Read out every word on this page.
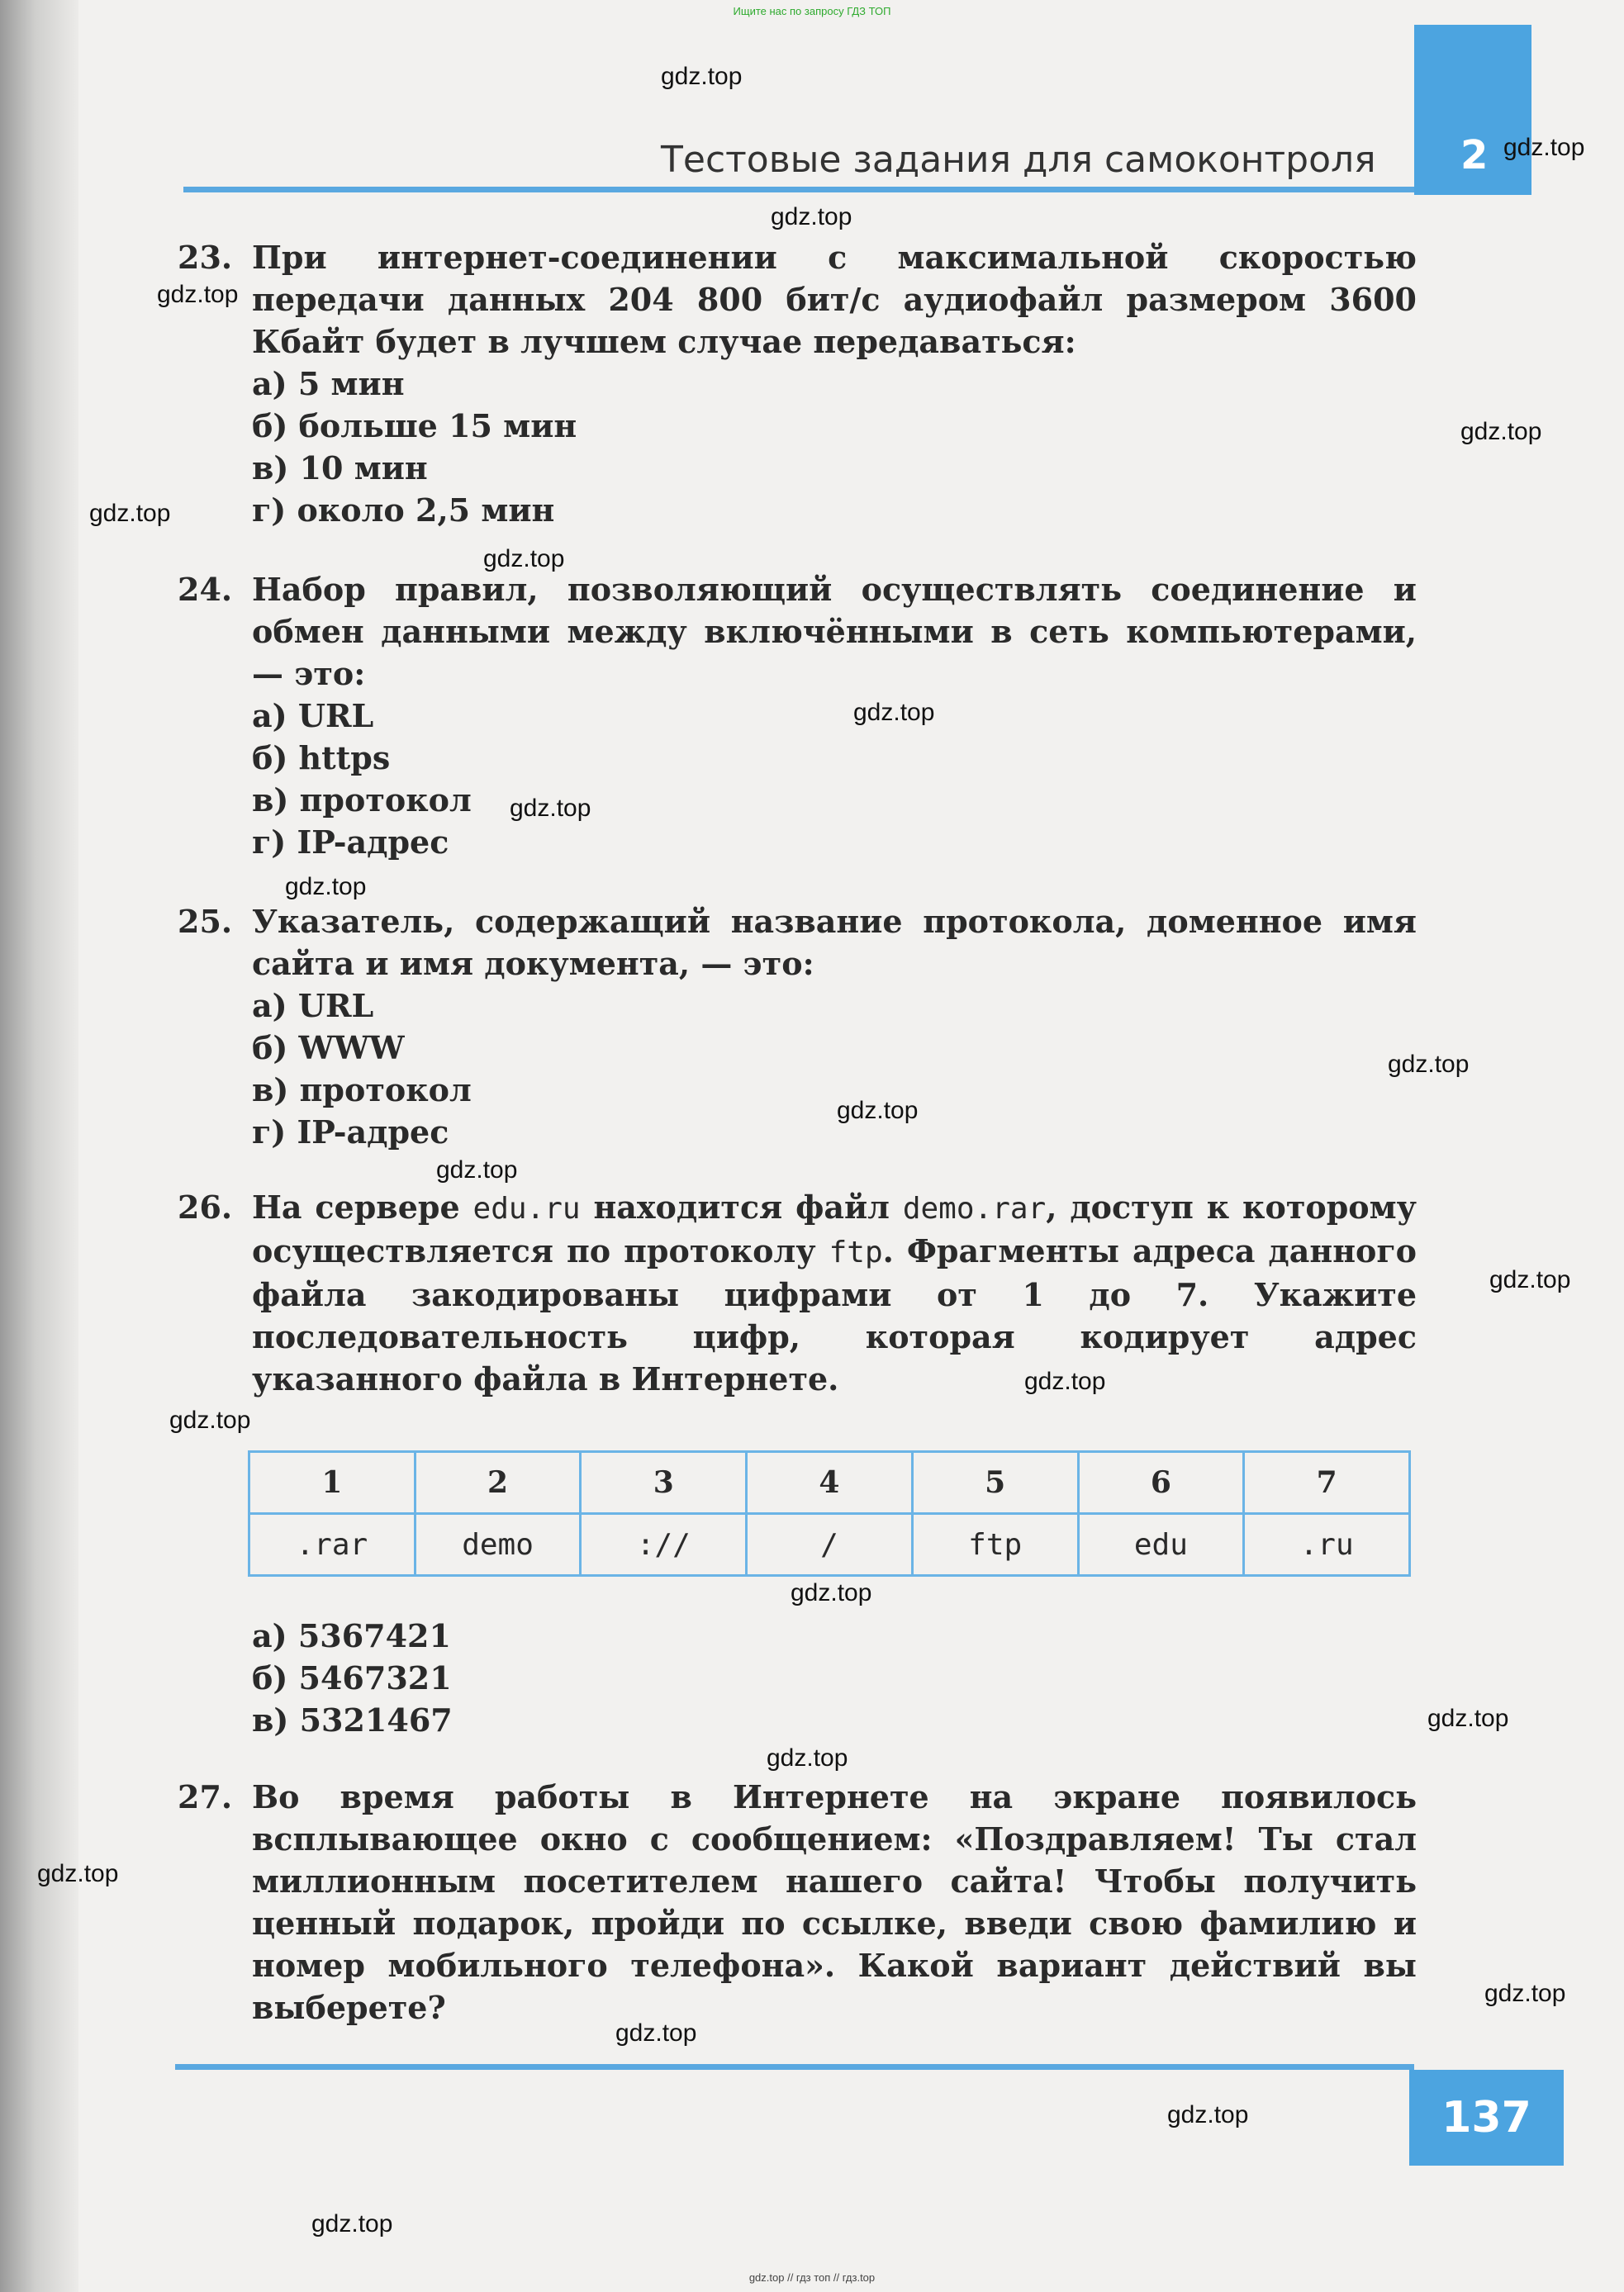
Ищите нас по запросу ГДЗ ТОП
Тестовые задания для самоконтроля	2
23. При интернет-соединении с максимальной скоростью передачи данных 204 800 бит/с аудиофайл размером 3600 Кбайт будет в лучшем случае передаваться:
а) 5 мин
б) больше 15 мин
в) 10 мин
г) около 2,5 мин
24. Набор правил, позволяющий осуществлять соединение и обмен данными между включёнными в сеть компьютерами, — это:
а) URL
б) https
в) протокол
г) IP-адрес
25. Указатель, содержащий название протокола, доменное имя сайта и имя документа, — это:
а) URL
б) WWW
в) протокол
г) IP-адрес
26. На сервере edu.ru находится файл demo.rar, доступ к которому осуществляется по протоколу ftp. Фрагменты адреса данного файла закодированы цифрами от 1 до 7. Укажите последовательность цифр, которая кодирует адрес указанного файла в Интернете.
1	2	3	4	5	6	7
.rar	demo	://	/	ftp	edu	.ru
а) 5367421
б) 5467321
в) 5321467
27. Во время работы в Интернете на экране появилось всплывающее окно с сообщением: «Поздравляем! Ты стал миллионным посетителем нашего сайта! Чтобы получить ценный подарок, пройди по ссылке, введи свою фамилию и номер мобильного телефона». Какой вариант действий вы выберете?
137
gdz.top
gdz.top
gdz.top
gdz.top
gdz.top
gdz.top
gdz.top
gdz.top
gdz.top
gdz.top
gdz.top
gdz.top
gdz.top
gdz.top
gdz.top
gdz.top
gdz.top
gdz.top
gdz.top
gdz.top
gdz.top
gdz.top
gdz.top
gdz.top
gdz.top // гдз топ // гдз.top
